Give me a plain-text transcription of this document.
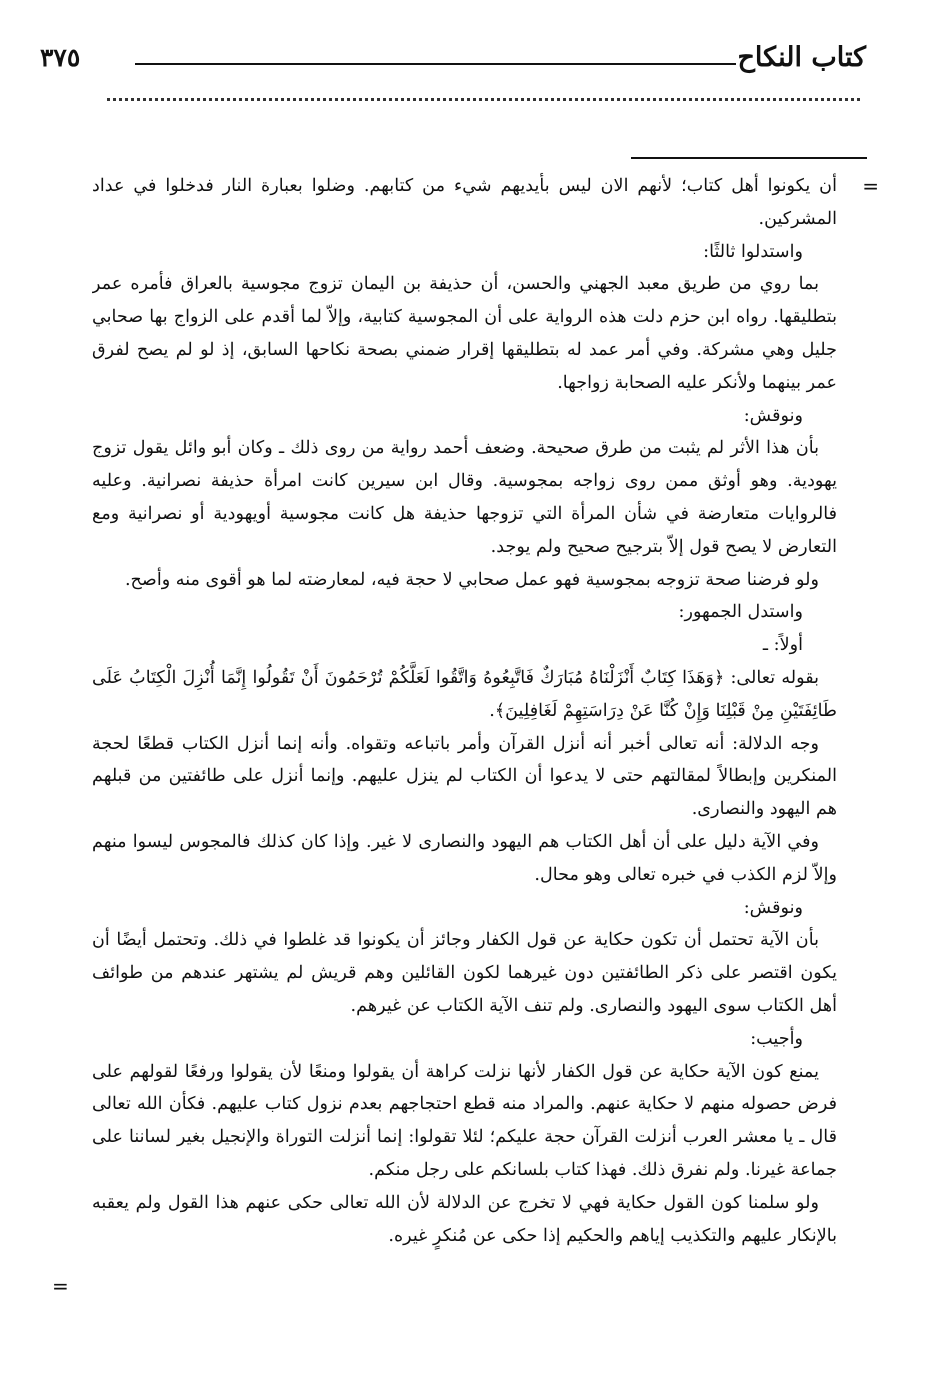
كتاب النكاح
٣٧٥
=

أن يكونوا أهل كتاب؛ لأنهم الان ليس بأيديهم شيء من كتابهم. وضلوا بعبارة النار فدخلوا في عداد المشركين.

واستدلوا ثالثًا:

بما روي من طريق معبد الجهني والحسن، أن حذيفة بن اليمان تزوج مجوسية بالعراق فأمره عمر بتطليقها. رواه ابن حزم دلت هذه الرواية على أن المجوسية كتابية، وإلاّ لما أقدم على الزواج بها صحابي جليل وهي مشركة. وفي أمر عمد له بتطليقها إقرار ضمني بصحة نكاحها السابق، إذ لو لم يصح لفرق عمر بينهما ولأنكر عليه الصحابة زواجها.

ونوقش:

بأن هذا الأثر لم يثبت من طرق صحيحة. وضعف أحمد رواية من روى ذلك ـ وكان أبو وائل يقول تزوج يهودية. وهو أوثق ممن روى زواجه بمجوسية. وقال ابن سيرين كانت امرأة حذيفة نصرانية. وعليه فالروايات متعارضة في شأن المرأة التي تزوجها حذيفة هل كانت مجوسية أويهودية أو نصرانية ومع التعارض لا يصح قول إلاّ بترجيح صحيح ولم يوجد.

ولو فرضنا صحة تزوجه بمجوسية فهو عمل صحابي لا حجة فيه، لمعارضته لما هو أقوى منه وأصح.

واستدل الجمهور:

أولاً: ـ

بقوله تعالى: ﴿وَهَذَا كِتَابٌ أَنْزَلْنَاهُ مُبَارَكٌ فَاتَّبِعُوهُ وَاتَّقُوا لَعَلَّكُمْ تُرْحَمُونَ أَنْ تَقُولُوا إِنَّمَا أُنْزِلَ الْكِتَابُ عَلَى طَائِفَتَيْنِ مِنْ قَبْلِنَا وَإِنْ كُنَّا عَنْ دِرَاسَتِهِمْ لَغَافِلِينَ﴾.

وجه الدلالة: أنه تعالى أخبر أنه أنزل القرآن وأمر باتباعه وتقواه. وأنه إنما أنزل الكتاب قطعًا لحجة المنكرين وإبطالاً لمقالتهم حتى لا يدعوا أن الكتاب لم ينزل عليهم. وإنما أنزل على طائفتين من قبلهم هم اليهود والنصارى.

وفي الآية دليل على أن أهل الكتاب هم اليهود والنصارى لا غير. وإذا كان كذلك فالمجوس ليسوا منهم وإلاّ لزم الكذب في خبره تعالى وهو محال.

ونوقش:

بأن الآية تحتمل أن تكون حكاية عن قول الكفار وجائز أن يكونوا قد غلطوا في ذلك. وتحتمل أيضًا أن يكون اقتصر على ذكر الطائفتين دون غيرهما لكون القائلين وهم قريش لم يشتهر عندهم من طوائف أهل الكتاب سوى اليهود والنصارى. ولم تنف الآية الكتاب عن غيرهم.

وأجيب:

يمنع كون الآية حكاية عن قول الكفار لأنها نزلت كراهة أن يقولوا ومنعًا لأن يقولوا ورفعًا لقولهم على فرض حصوله منهم لا حكاية عنهم. والمراد منه قطع احتجاجهم بعدم نزول كتاب عليهم. فكأن الله تعالى قال ـ يا معشر العرب أنزلت القرآن حجة عليكم؛ لئلا تقولوا: إنما أنزلت التوراة والإنجيل بغير لساننا على جماعة غيرنا. ولم نفرق ذلك. فهذا كتاب بلسانكم على رجل منكم.

ولو سلمنا كون القول حكاية فهي لا تخرج عن الدلالة لأن الله تعالى حكى عنهم هذا القول ولم يعقبه بالإنكار عليهم والتكذيب إياهم والحكيم إذا حكى عن مُنكرٍ غيره.

=
